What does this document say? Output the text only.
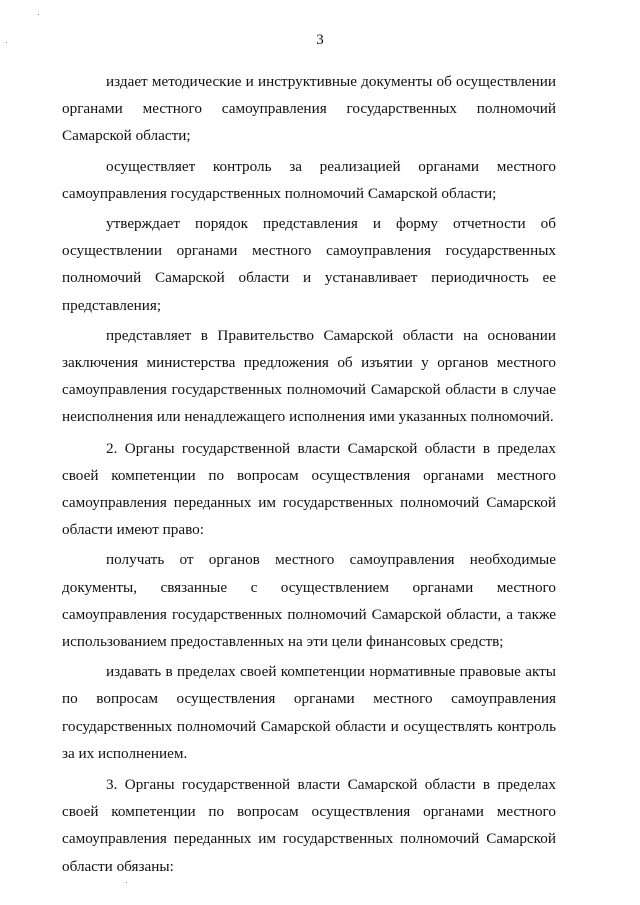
3

издает методические и инструктивные документы об осуществлении органами местного самоуправления государственных полномочий Самарской области;

осуществляет контроль за реализацией органами местного самоуправления государственных полномочий Самарской области;

утверждает порядок представления и форму отчетности об осуществлении органами местного самоуправления государственных полномочий Самарской области и устанавливает периодичность ее представления;

представляет в Правительство Самарской области на основании заключения министерства предложения об изъятии у органов местного самоуправления государственных полномочий Самарской области в случае неисполнения или ненадлежащего исполнения ими указанных полномочий.

2. Органы государственной власти Самарской области в пределах своей компетенции по вопросам осуществления органами местного самоуправления переданных им государственных полномочий Самарской области имеют право:

получать от органов местного самоуправления необходимые документы, связанные с осуществлением органами местного самоуправления государственных полномочий Самарской области, а также использованием предоставленных на эти цели финансовых средств;

издавать в пределах своей компетенции нормативные правовые акты по вопросам осуществления органами местного самоуправления государственных полномочий Самарской области и осуществлять контроль за их исполнением.

3. Органы государственной власти Самарской области в пределах своей компетенции по вопросам осуществления органами местного самоуправления переданных им государственных полномочий Самарской области обязаны:
